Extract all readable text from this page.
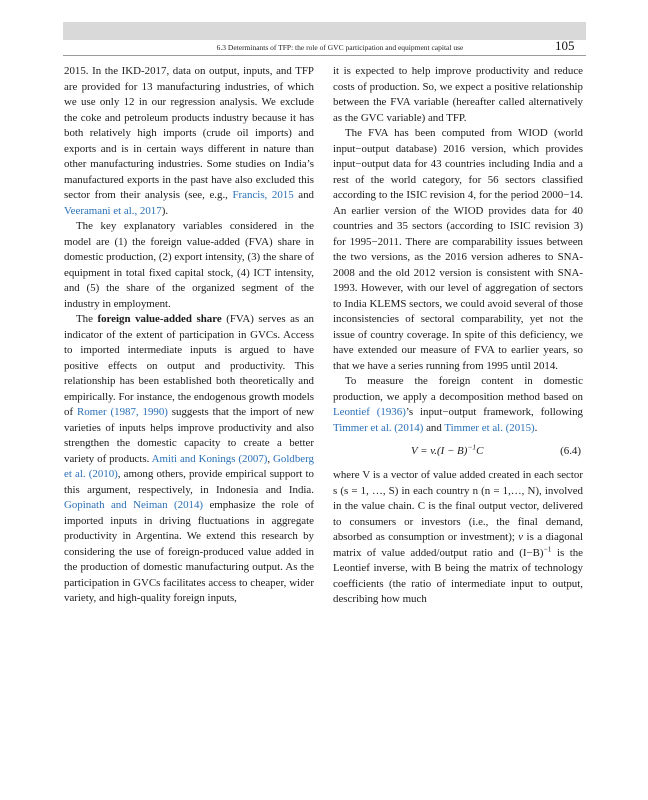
6.3 Determinants of TFP: the role of GVC participation and equipment capital use	105

2015. In the IKD-2017, data on output, inputs, and TFP are provided for 13 manufacturing industries, of which we use only 12 in our regression analysis. We exclude the coke and petroleum products industry because it has both relatively high imports (crude oil imports) and exports and is in certain ways different in nature than other manufacturing industries. Some studies on India’s manufactured exports in the past have also excluded this sector from their analysis (see, e.g., Francis, 2015 and Veeramani et al., 2017).

The key explanatory variables considered in the model are (1) the foreign value-added (FVA) share in domestic production, (2) export intensity, (3) the share of equipment in total fixed capital stock, (4) ICT intensity, and (5) the share of the organized segment of the industry in employment.

The foreign value-added share (FVA) serves as an indicator of the extent of participation in GVCs. Access to imported intermediate inputs is argued to have positive effects on output and productivity. This relationship has been established both theoretically and empirically. For instance, the endogenous growth models of Romer (1987, 1990) suggests that the import of new varieties of inputs helps improve productivity and also strengthen the domestic capacity to create a better variety of products. Amiti and Konings (2007), Goldberg et al. (2010), among others, provide empirical support to this argument, respectively, in Indonesia and India. Gopinath and Neiman (2014) emphasize the role of imported inputs in driving fluctuations in aggregate productivity in Argentina. We extend this research by considering the use of foreign-produced value added in the production of domestic manufacturing output. As the participation in GVCs facilitates access to cheaper, wider variety, and high-quality foreign inputs,

it is expected to help improve productivity and reduce costs of production. So, we expect a positive relationship between the FVA variable (hereafter called alternatively as the GVC variable) and TFP.

The FVA has been computed from WIOD (world input−output database) 2016 version, which provides input−output data for 43 countries including India and a rest of the world category, for 56 sectors classified according to the ISIC revision 4, for the period 2000−14. An earlier version of the WIOD provides data for 40 countries and 35 sectors (according to ISIC revision 3) for 1995−2011. There are comparability issues between the two versions, as the 2016 version adheres to SNA-2008 and the old 2012 version is consistent with SNA-1993. However, with our level of aggregation of sectors to India KLEMS sectors, we could avoid several of those inconsistencies of sectoral comparability, yet not the issue of country coverage. In spite of this deficiency, we have extended our measure of FVA to earlier years, so that we have a series running from 1995 until 2014.

To measure the foreign content in domestic production, we apply a decomposition method based on Leontief (1936)’s input−output framework, following Timmer et al. (2014) and Timmer et al. (2015).

$V = v.(I - B)^{-1}C$	(6.4)

where V is a vector of value added created in each sector s (s = 1, …, S) in each country n (n = 1,…, N), involved in the value chain. C is the final output vector, delivered to consumers or investors (i.e., the final demand, absorbed as consumption or investment); v is a diagonal matrix of value added/output ratio and $(I-B)^{-1}$ is the Leontief inverse, with B being the matrix of technology coefficients (the ratio of intermediate input to output, describing how much
